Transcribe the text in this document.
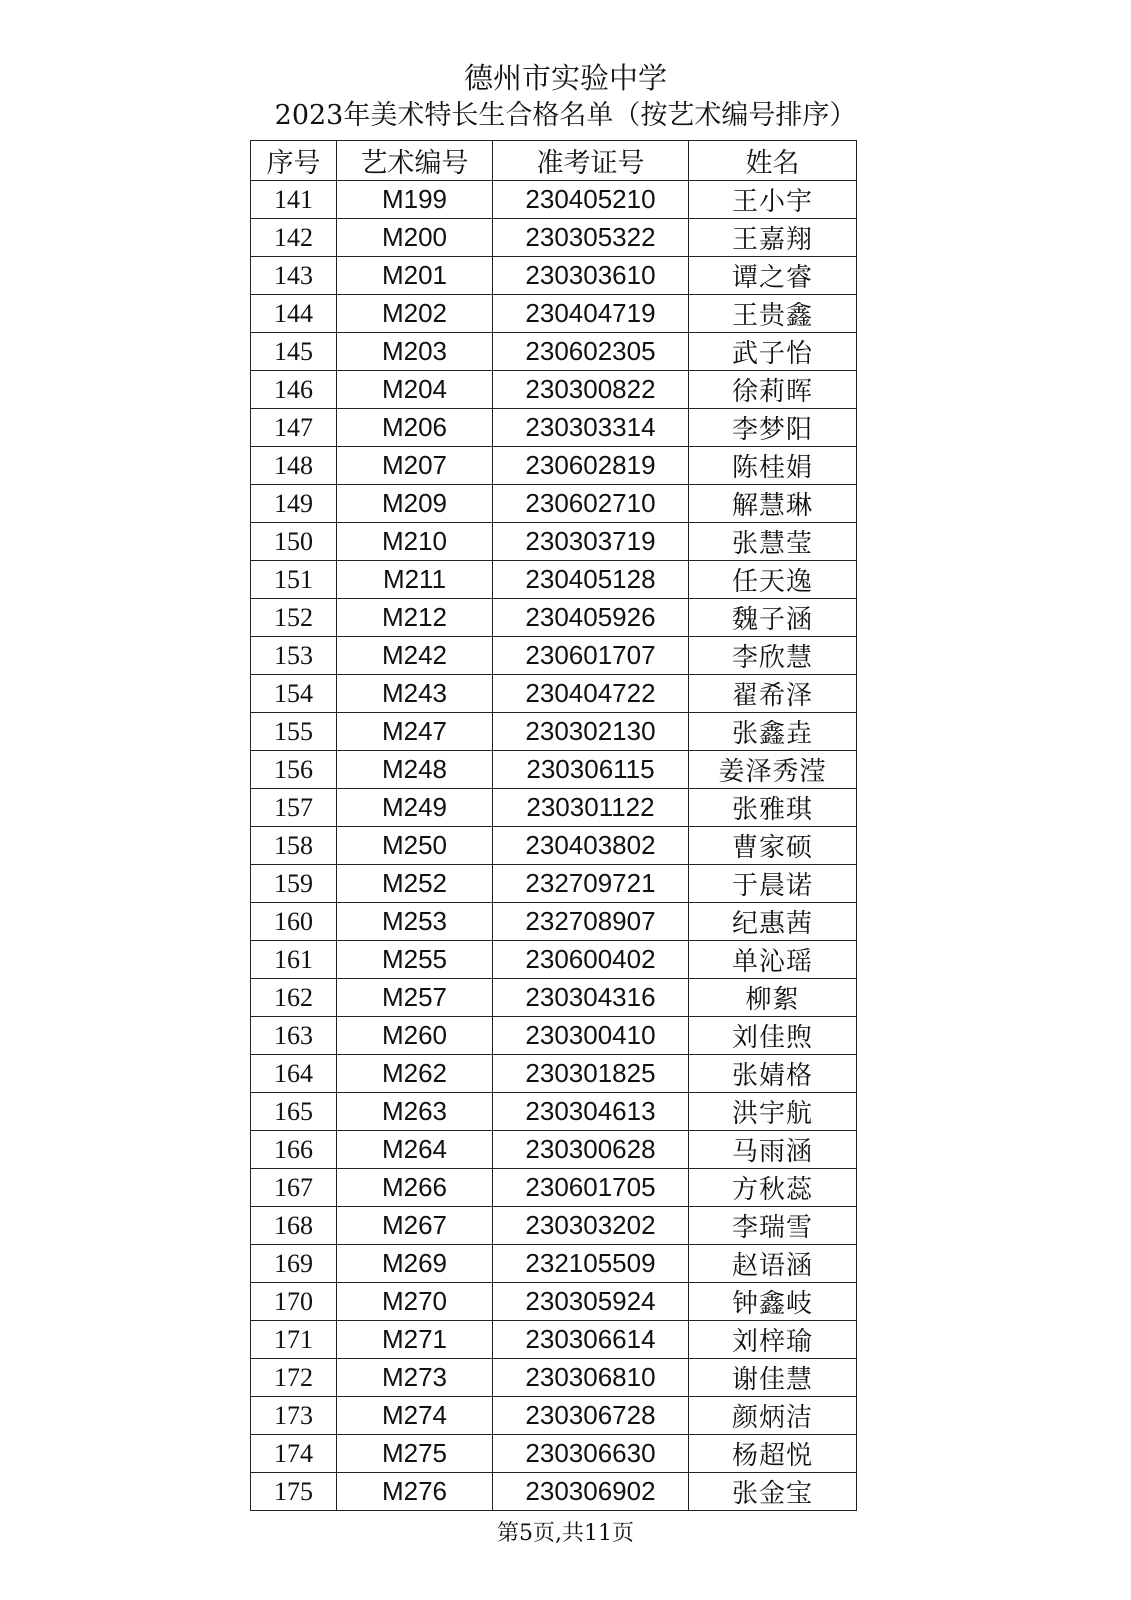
德州市实验中学
2023年美术特长生合格名单（按艺术编号排序）
序号	艺术编号	准考证号	姓名
141	M199	230405210	王小宇
142	M200	230305322	王嘉翔
143	M201	230303610	谭之睿
144	M202	230404719	王贵鑫
145	M203	230602305	武子怡
146	M204	230300822	徐莉晖
147	M206	230303314	李梦阳
148	M207	230602819	陈桂娟
149	M209	230602710	解慧琳
150	M210	230303719	张慧莹
151	M211	230405128	任天逸
152	M212	230405926	魏子涵
153	M242	230601707	李欣慧
154	M243	230404722	翟希泽
155	M247	230302130	张鑫垚
156	M248	230306115	姜泽秀滢
157	M249	230301122	张雅琪
158	M250	230403802	曹家硕
159	M252	232709721	于晨诺
160	M253	232708907	纪惠茜
161	M255	230600402	单沁瑶
162	M257	230304316	柳絮
163	M260	230300410	刘佳煦
164	M262	230301825	张婧格
165	M263	230304613	洪宇航
166	M264	230300628	马雨涵
167	M266	230601705	方秋蕊
168	M267	230303202	李瑞雪
169	M269	232105509	赵语涵
170	M270	230305924	钟鑫岐
171	M271	230306614	刘梓瑜
172	M273	230306810	谢佳慧
173	M274	230306728	颜炳洁
174	M275	230306630	杨超悦
175	M276	230306902	张金宝
第5页,共11页
